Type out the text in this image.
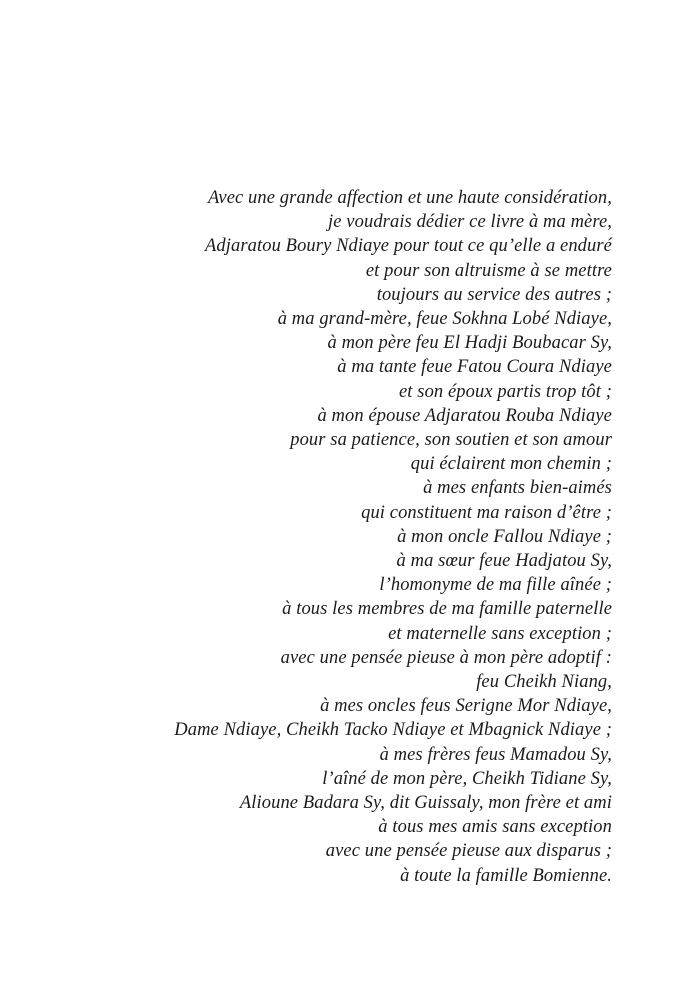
Avec une grande affection et une haute considération,
je voudrais dédier ce livre à ma mère,
Adjaratou Boury Ndiaye pour tout ce qu’elle a enduré
et pour son altruisme à se mettre
toujours au service des autres ;
à ma grand-mère, feue Sokhna Lobé Ndiaye,
à mon père feu El Hadji Boubacar Sy,
à ma tante feue Fatou Coura Ndiaye
et son époux partis trop tôt ;
à mon épouse Adjaratou Rouba Ndiaye
pour sa patience, son soutien et son amour
qui éclairent mon chemin ;
à mes enfants bien-aimés
qui constituent ma raison d’être ;
à mon oncle Fallou Ndiaye ;
à ma sœur feue Hadjatou Sy,
l’homonyme de ma fille aînée ;
à tous les membres de ma famille paternelle
et maternelle sans exception ;
avec une pensée pieuse à mon père adoptif :
feu Cheikh Niang,
à mes oncles feus Serigne Mor Ndiaye,
Dame Ndiaye, Cheikh Tacko Ndiaye et Mbagnick Ndiaye ;
à mes frères feus Mamadou Sy,
l’aîné de mon père, Cheikh Tidiane Sy,
Alioune Badara Sy, dit Guissaly, mon frère et ami
à tous mes amis sans exception
avec une pensée pieuse aux disparus ;
à toute la famille Bomienne.
